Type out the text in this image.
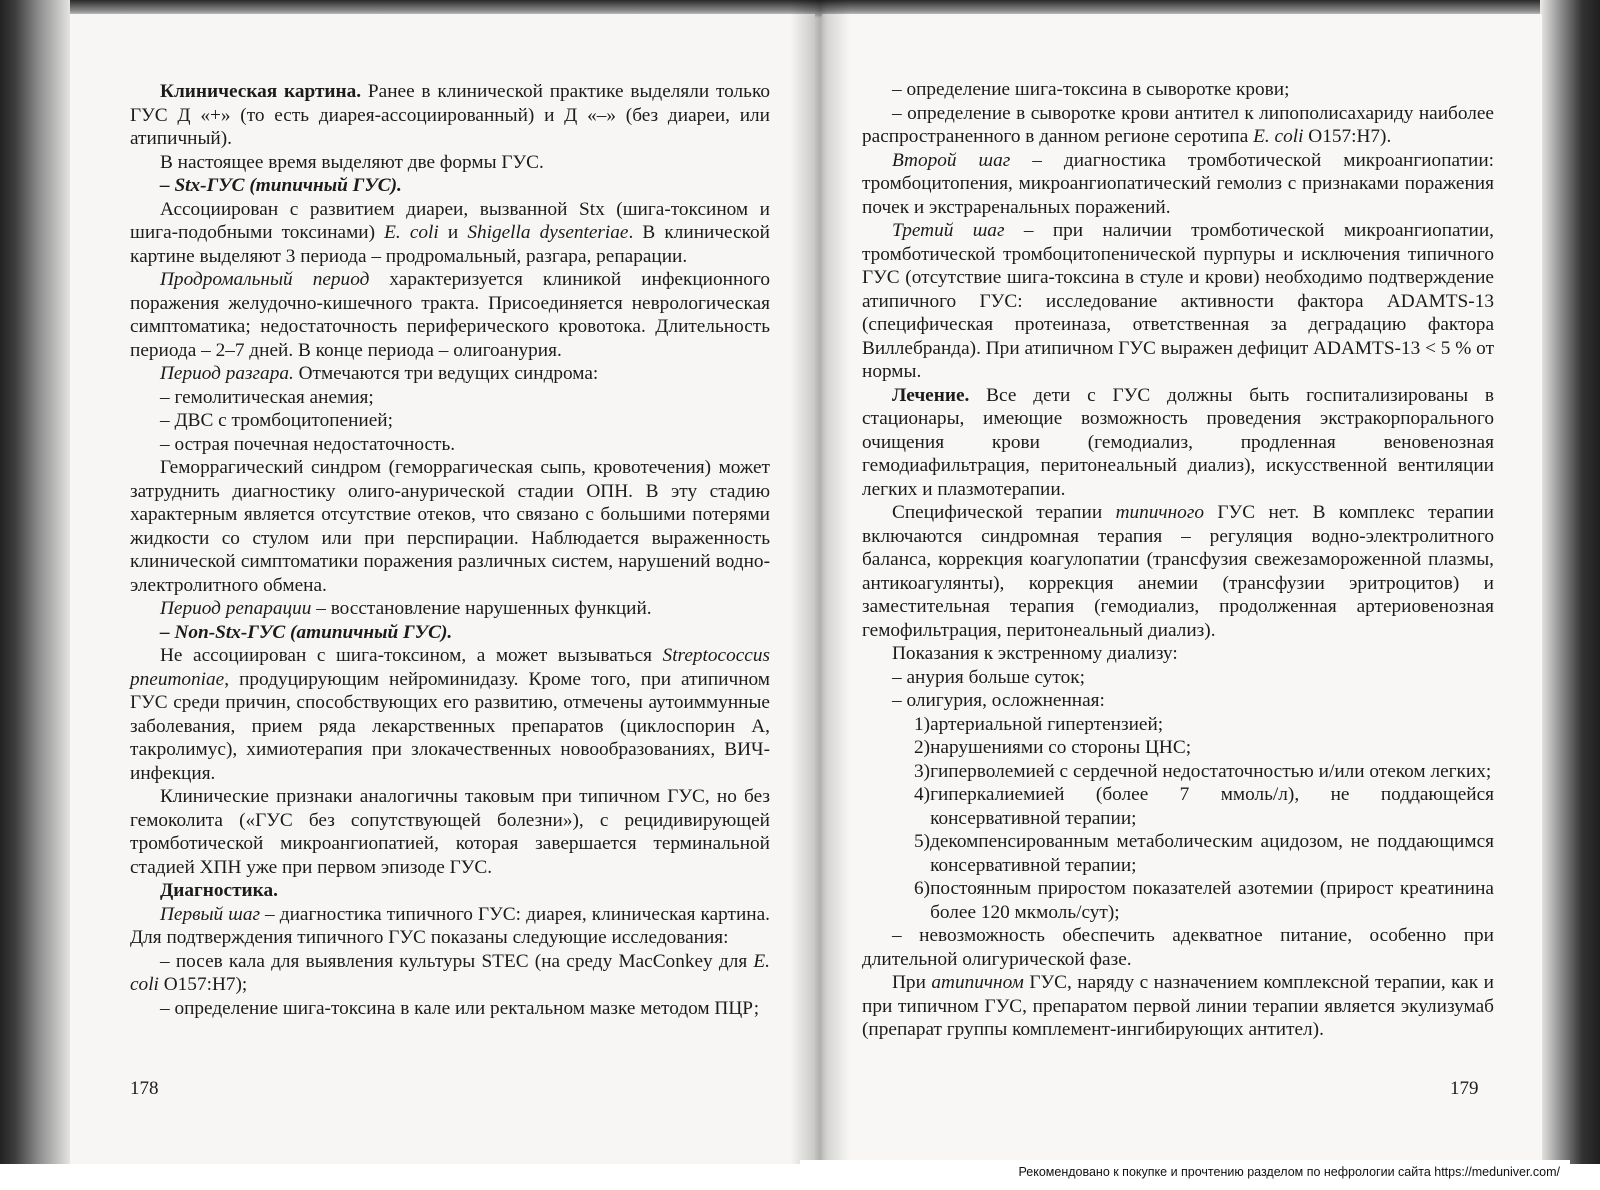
Клиническая картина. Ранее в клинической практике выделяли только ГУС Д «+» (то есть диарея-ассоциированный) и Д «–» (без диареи, или атипичный).

В настоящее время выделяют две формы ГУС.

– Stx-ГУС (типичный ГУС).

Ассоциирован с развитием диареи, вызванной Stx (шига-токсином и шига-подобными токсинами) E. coli и Shigella dysenteriae. В клинической картине выделяют 3 периода – продромальный, разгара, репарации.

Продромальный период характеризуется клиникой инфекционного поражения желудочно-кишечного тракта. Присоединяется неврологическая симптоматика; недостаточность периферического кровотока. Длительность периода – 2–7 дней. В конце периода – олигоанурия.

Период разгара. Отмечаются три ведущих синдрома:

– гемолитическая анемия;

– ДВС с тромбоцитопенией;

– острая почечная недостаточность.

Геморрагический синдром (геморрагическая сыпь, кровотечения) может затруднить диагностику олиго-анурической стадии ОПН. В эту стадию характерным является отсутствие отеков, что связано с большими потерями жидкости со стулом или при перспирации. Наблюдается выраженность клинической симптоматики поражения различных систем, нарушений водно-электролитного обмена.

Период репарации – восстановление нарушенных функций.

– Non-Stx-ГУС (атипичный ГУС).

Не ассоциирован с шига-токсином, а может вызываться Streptococcus pneumoniae, продуцирующим нейроминидазу. Кроме того, при атипичном ГУС среди причин, способствующих его развитию, отмечены аутоиммунные заболевания, прием ряда лекарственных препаратов (циклоспорин А, такролимус), химиотерапия при злокачественных новообразованиях, ВИЧ-инфекция.

Клинические признаки аналогичны таковым при типичном ГУС, но без гемоколита («ГУС без сопутствующей болезни»), с рецидивирующей тромботической микроангиопатией, которая завершается терминальной стадией ХПН уже при первом эпизоде ГУС.

Диагностика.

Первый шаг – диагностика типичного ГУС: диарея, клиническая картина. Для подтверждения типичного ГУС показаны следующие исследования:

– посев кала для выявления культуры STEC (на среду MacConkey для E. coli O157:H7);

– определение шига-токсина в кале или ректальном мазке методом ПЦР;

178

– определение шига-токсина в сыворотке крови;

– определение в сыворотке крови антител к липополисахариду наиболее распространенного в данном регионе серотипа E. coli O157:H7).

Второй шаг – диагностика тромботической микроангиопатии: тромбоцитопения, микроангиопатический гемолиз с признаками поражения почек и экстраренальных поражений.

Третий шаг – при наличии тромботической микроангиопатии, тромботической тромбоцитопенической пурпуры и исключения типичного ГУС (отсутствие шига-токсина в стуле и крови) необходимо подтверждение атипичного ГУС: исследование активности фактора ADAMTS-13 (специфическая протеиназа, ответственная за деградацию фактора Виллебранда). При атипичном ГУС выражен дефицит ADAMTS-13 < 5 % от нормы.

Лечение. Все дети с ГУС должны быть госпитализированы в стационары, имеющие возможность проведения экстракорпорального очищения крови (гемодиализ, продленная веновенозная гемодиафильтрация, перитонеальный диализ), искусственной вентиляции легких и плазмотерапии.

Специфической терапии типичного ГУС нет. В комплекс терапии включаются синдромная терапия – регуляция водно-электролитного баланса, коррекция коагулопатии (трансфузия свежезамороженной плазмы, антикоагулянты), коррекция анемии (трансфузии эритроцитов) и заместительная терапия (гемодиализ, продолженная артериовенозная гемофильтрация, перитонеальный диализ).

Показания к экстренному диализу:

– анурия больше суток;

– олигурия, осложненная:

1) артериальной гипертензией;
2) нарушениями со стороны ЦНС;
3) гиперволемией с сердечной недостаточностью и/или отеком легких;
4) гиперкалиемией (более 7 ммоль/л), не поддающейся консервативной терапии;
5) декомпенсированным метаболическим ацидозом, не поддающимся консервативной терапии;
6) постоянным приростом показателей азотемии (прирост креатинина более 120 мкмоль/сут);

– невозможность обеспечить адекватное питание, особенно при длительной олигурической фазе.

При атипичном ГУС, наряду с назначением комплексной терапии, как и при типичном ГУС, препаратом первой линии терапии является экулизумаб (препарат группы комплемент-ингибирующих антител).

179
Рекомендовано к покупке и прочтению разделом по нефрологии сайта https://meduniver.com/
